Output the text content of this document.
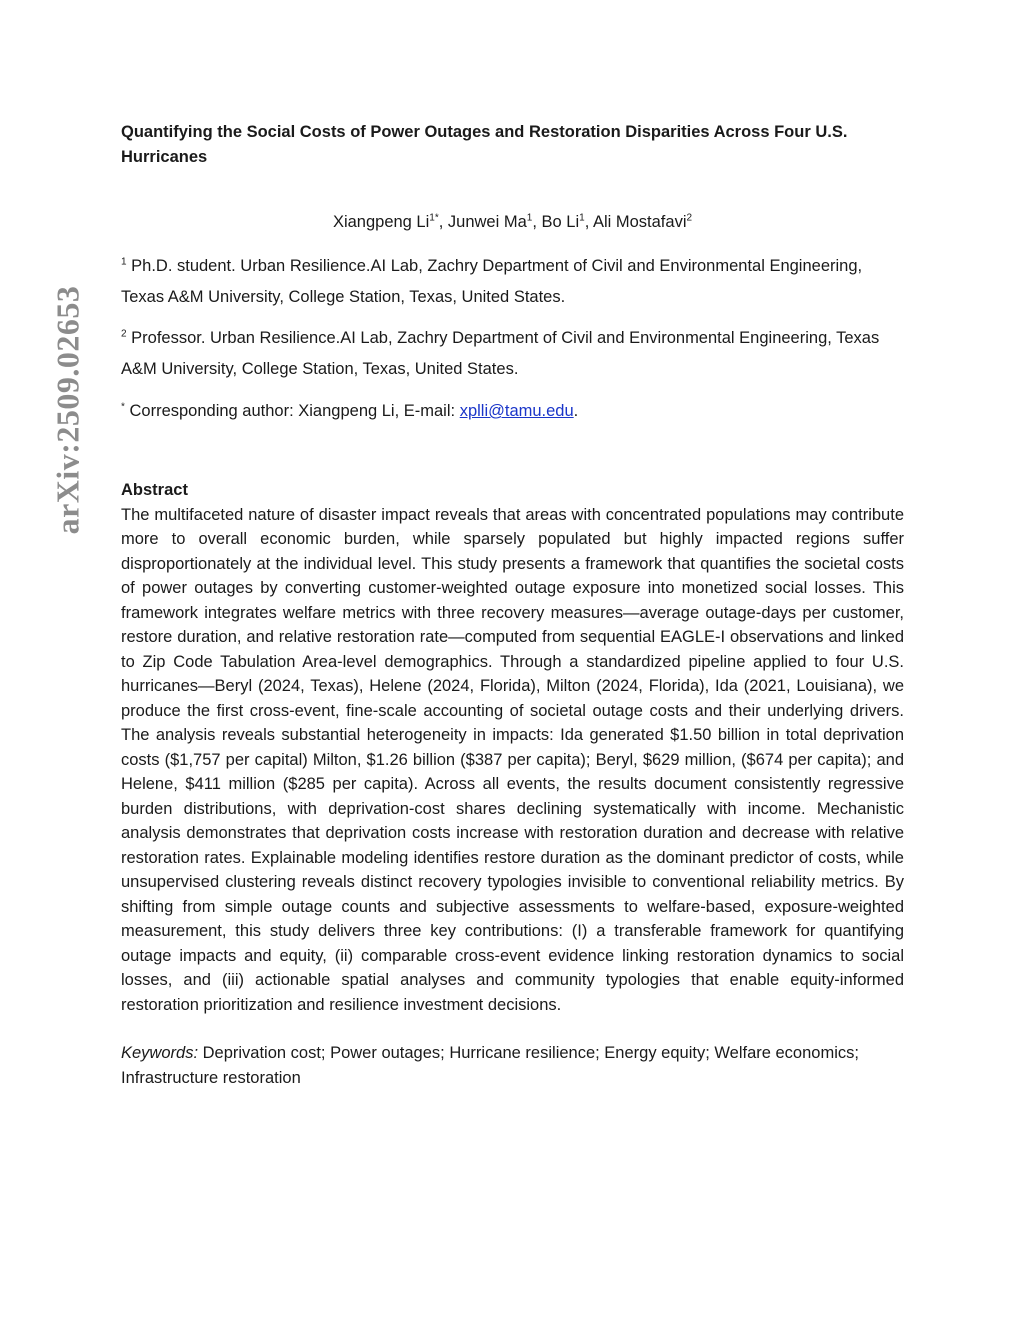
arXiv:2509.02653
Quantifying the Social Costs of Power Outages and Restoration Disparities Across Four U.S. Hurricanes
Xiangpeng $Li^{1*}$, Junwei Ma$^1$, Bo Li$^1$, Ali Mostafavi$^2$
$^1$ Ph.D. student. Urban Resilience.AI Lab, Zachry Department of Civil and Environmental Engineering, Texas A&M University, College Station, Texas, United States.
$^2$ Professor. Urban Resilience.AI Lab, Zachry Department of Civil and Environmental Engineering, Texas A&M University, College Station, Texas, United States.
* Corresponding author: Xiangpeng Li, E-mail: xplli@tamu.edu.
Abstract

The multifaceted nature of disaster impact reveals that areas with concentrated populations may contribute more to overall economic burden, while sparsely populated but highly impacted regions suffer disproportionately at the individual level. This study presents a framework that quantifies the societal costs of power outages by converting customer-weighted outage exposure into monetized social losses. This framework integrates welfare metrics with three recovery measures—average outage-days per customer, restore duration, and relative restoration rate—computed from sequential EAGLE-I observations and linked to Zip Code Tabulation Area-level demographics. Through a standardized pipeline applied to four U.S. hurricanes—Beryl (2024, Texas), Helene (2024, Florida), Milton (2024, Florida), Ida (2021, Louisiana), we produce the first cross-event, fine-scale accounting of societal outage costs and their underlying drivers. The analysis reveals substantial heterogeneity in impacts: Ida generated $1.50 billion in total deprivation costs ($1,757 per capital) Milton, $1.26 billion ($387 per capita); Beryl, $629 million, ($674 per capita); and Helene, $411 million ($285 per capita). Across all events, the results document consistently regressive burden distributions, with deprivation-cost shares declining systematically with income. Mechanistic analysis demonstrates that deprivation costs increase with restoration duration and decrease with relative restoration rates. Explainable modeling identifies restore duration as the dominant predictor of costs, while unsupervised clustering reveals distinct recovery typologies invisible to conventional reliability metrics. By shifting from simple outage counts and subjective assessments to welfare-based, exposure-weighted measurement, this study delivers three key contributions: (I) a transferable framework for quantifying outage impacts and equity, (ii) comparable cross-event evidence linking restoration dynamics to social losses, and (iii) actionable spatial analyses and community typologies that enable equity-informed restoration prioritization and resilience investment decisions.

Keywords: Deprivation cost; Power outages; Hurricane resilience; Energy equity; Welfare economics; Infrastructure restoration
